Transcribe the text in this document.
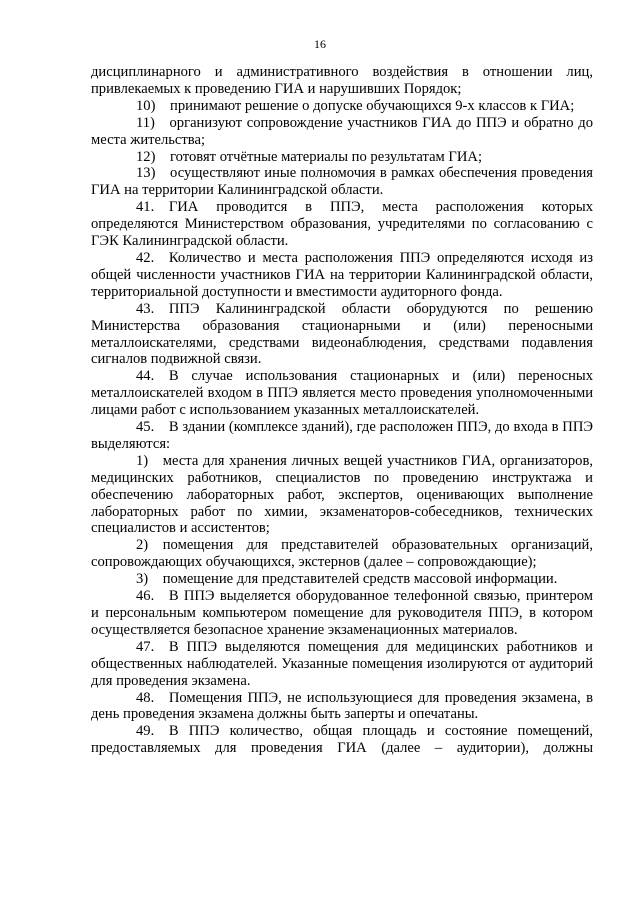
16

дисциплинарного и административного воздействия в отношении лиц, привлекаемых к проведению ГИА и нарушивших Порядок;

10) принимают решение о допуске обучающихся 9-х классов к ГИА;

11) организуют сопровождение участников ГИА до ППЭ и обратно до места жительства;

12) готовят отчётные материалы по результатам ГИА;

13) осуществляют иные полномочия в рамках обеспечения проведения ГИА на территории Калининградской области.

41. ГИА проводится в ППЭ, места расположения которых определяются Министерством образования, учредителями по согласованию с ГЭК Калининградской области.

42. Количество и места расположения ППЭ определяются исходя из общей численности участников ГИА на территории Калининградской области, территориальной доступности и вместимости аудиторного фонда.

43. ППЭ Калининградской области оборудуются по решению Министерства образования стационарными и (или) переносными металлоискателями, средствами видеонаблюдения, средствами подавления сигналов подвижной связи.

44. В случае использования стационарных и (или) переносных металлоискателей входом в ППЭ является место проведения уполномоченными лицами работ с использованием указанных металлоискателей.

45. В здании (комплексе зданий), где расположен ППЭ, до входа в ППЭ выделяются:

1) места для хранения личных вещей участников ГИА, организаторов, медицинских работников, специалистов по проведению инструктажа и обеспечению лабораторных работ, экспертов, оценивающих выполнение лабораторных работ по химии, экзаменаторов-собеседников, технических специалистов и ассистентов;

2) помещения для представителей образовательных организаций, сопровождающих обучающихся, экстернов (далее – сопровождающие);

3) помещение для представителей средств массовой информации.

46. В ППЭ выделяется оборудованное телефонной связью, принтером и персональным компьютером помещение для руководителя ППЭ, в котором осуществляется безопасное хранение экзаменационных материалов.

47. В ППЭ выделяются помещения для медицинских работников и общественных наблюдателей. Указанные помещения изолируются от аудиторий для проведения экзамена.

48. Помещения ППЭ, не использующиеся для проведения экзамена, в день проведения экзамена должны быть заперты и опечатаны.

49. В ППЭ количество, общая площадь и состояние помещений, предоставляемых для проведения ГИА (далее – аудитории), должны
